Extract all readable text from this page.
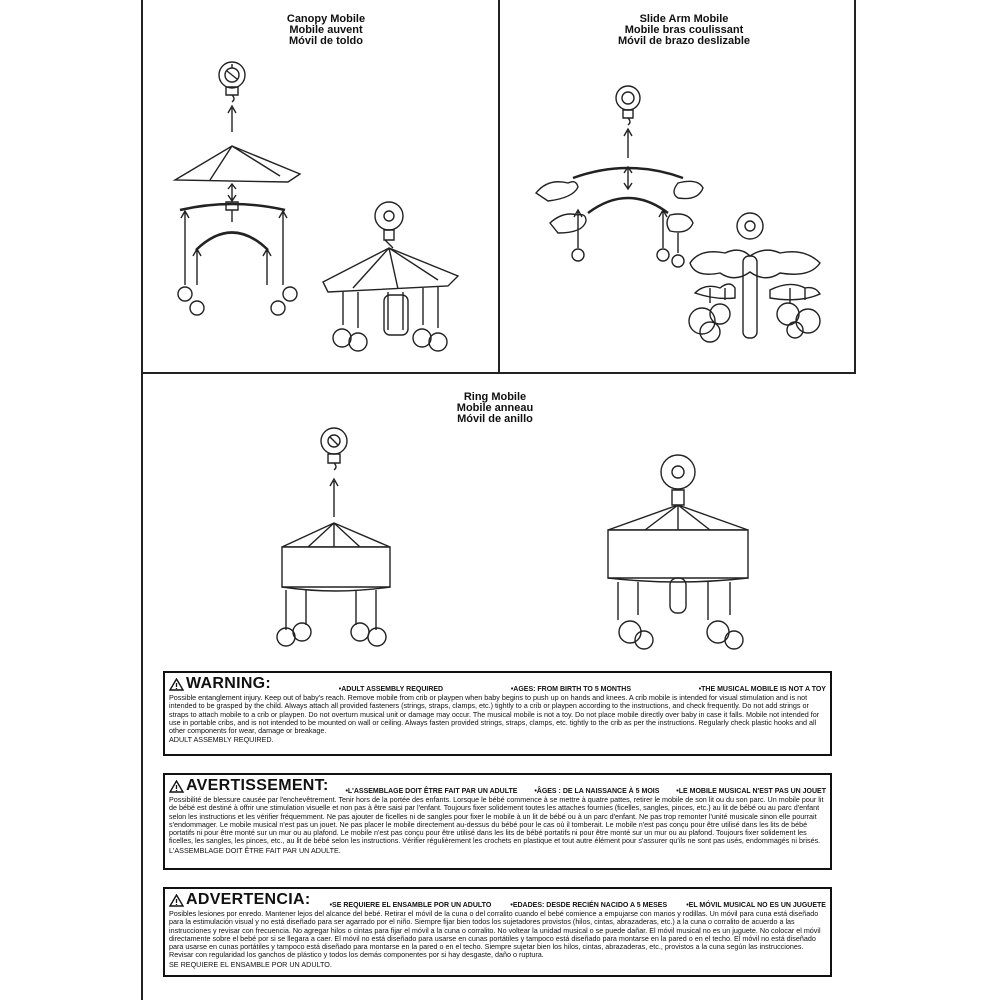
Canopy Mobile
Mobile auvent
Móvil de toldo
Slide Arm Mobile
Mobile bras coulissant
Móvil de brazo deslizable
Ring Mobile
Mobile anneau
Móvil de anillo
WARNING:	•ADULT ASSEMBLY REQUIRED	•AGES: FROM BIRTH TO 5 MONTHS	•THE MUSICAL MOBILE IS NOT A TOY
Possible entanglement injury. Keep out of baby's reach. Remove mobile from crib or playpen when baby begins to push up on hands and knees. A crib mobile is intended for visual stimulation and is not intended to be grasped by the child. Always attach all provided fasteners (strings, straps, clamps, etc.) tightly to a crib or playpen according to the instructions, and check frequently. Do not add strings or straps to attach mobile to a crib or playpen. Do not overturn musical unit or damage may occur. The musical mobile is not a toy. Do not place mobile directly over baby in case it falls. Mobile not intended for use in portable cribs, and is not intended to be mounted on wall or ceiling. Always fasten provided strings, straps, clamps, etc. tightly to the crib as per the instructions. Regularly check plastic hooks and all other components for wear, damage or breakage.
ADULT ASSEMBLY REQUIRED.
AVERTISSEMENT:	•L'ASSEMBLAGE DOIT ÊTRE FAIT PAR UN ADULTE	•ÂGES : DE LA NAISSANCE À 5 MOIS	•LE MOBILE MUSICAL N'EST PAS UN JOUET
Possibilité de blessure causée par l'enchevêtrement. Tenir hors de la portée des enfants. Lorsque le bébé commence à se mettre à quatre pattes, retirer le mobile de son lit ou du son parc. Un mobile pour lit de bébé est destiné à offrir une stimulation visuelle et non pas à être saisi par l'enfant. Toujours fixer solidement toutes les attaches fournies (ficelles, sangles, pinces, etc.) au lit de bébé ou au parc d'enfant selon les instructions et les vérifier fréquemment. Ne pas ajouter de ficelles ni de sangles pour fixer le mobile à un lit de bébé ou à un parc d'enfant. Ne pas trop remonter l'unité musicale sinon elle pourrait s'endommager. Le mobile musical n'est pas un jouet. Ne pas placer le mobile directement au-dessus du bébé pour le cas où il tomberait. Le mobile n'est pas conçu pour être utilisé dans les lits de bébé portatifs ni pour être monté sur un mur ou au plafond. Le mobile n'est pas conçu pour être utilisé dans les lits de bébé portatifs ni pour être monté sur un mur ou au plafond. Toujours fixer solidement les ficelles, les sangles, les pinces, etc., au lit de bébé selon les instructions. Vérifier régulièrement les crochets en plastique et tout autre élément pour s'assurer qu'ils ne sont pas usés, endommagés ni brisés.
L'ASSEMBLAGE DOIT ÊTRE FAIT PAR UN ADULTE.
ADVERTENCIA:	•SE REQUIERE EL ENSAMBLE POR UN ADULTO	•EDADES: DESDE RECIÉN NACIDO A 5 MESES	•EL MÓVIL MUSICAL NO ES UN JUGUETE
Posibles lesiones por enredo. Mantener lejos del alcance del bebé. Retirar el móvil de la cuna o del corralito cuando el bebé comience a empujarse con manos y rodillas. Un móvil para cuna está diseñado para la estimulación visual y no está diseñado para ser agarrado por el niño. Siempre fijar bien todos los sujetadores provistos (hilos, cintas, abrazaderas, etc.) a la cuna o corralito de acuerdo a las instrucciones y revisar con frecuencia. No agregar hilos o cintas para fijar el móvil a la cuna o corralito. No voltear la unidad musical o se puede dañar. El móvil musical no es un juguete. No colocar el móvil directamente sobre el bebé por si se llegara a caer. El móvil no está diseñado para usarse en cunas portátiles y tampoco está diseñado para montarse en la pared o en el techo. El móvil no está diseñado para usarse en cunas portátiles y tampoco está diseñado para montarse en la pared o en el techo. Siempre sujetar bien los hilos, cintas, abrazaderas, etc., provistos a la cuna según las instrucciones. Revisar con regularidad los ganchos de plástico y todos los demás componentes por si hay desgaste, daño o ruptura.
SE REQUIERE EL ENSAMBLE POR UN ADULTO.
